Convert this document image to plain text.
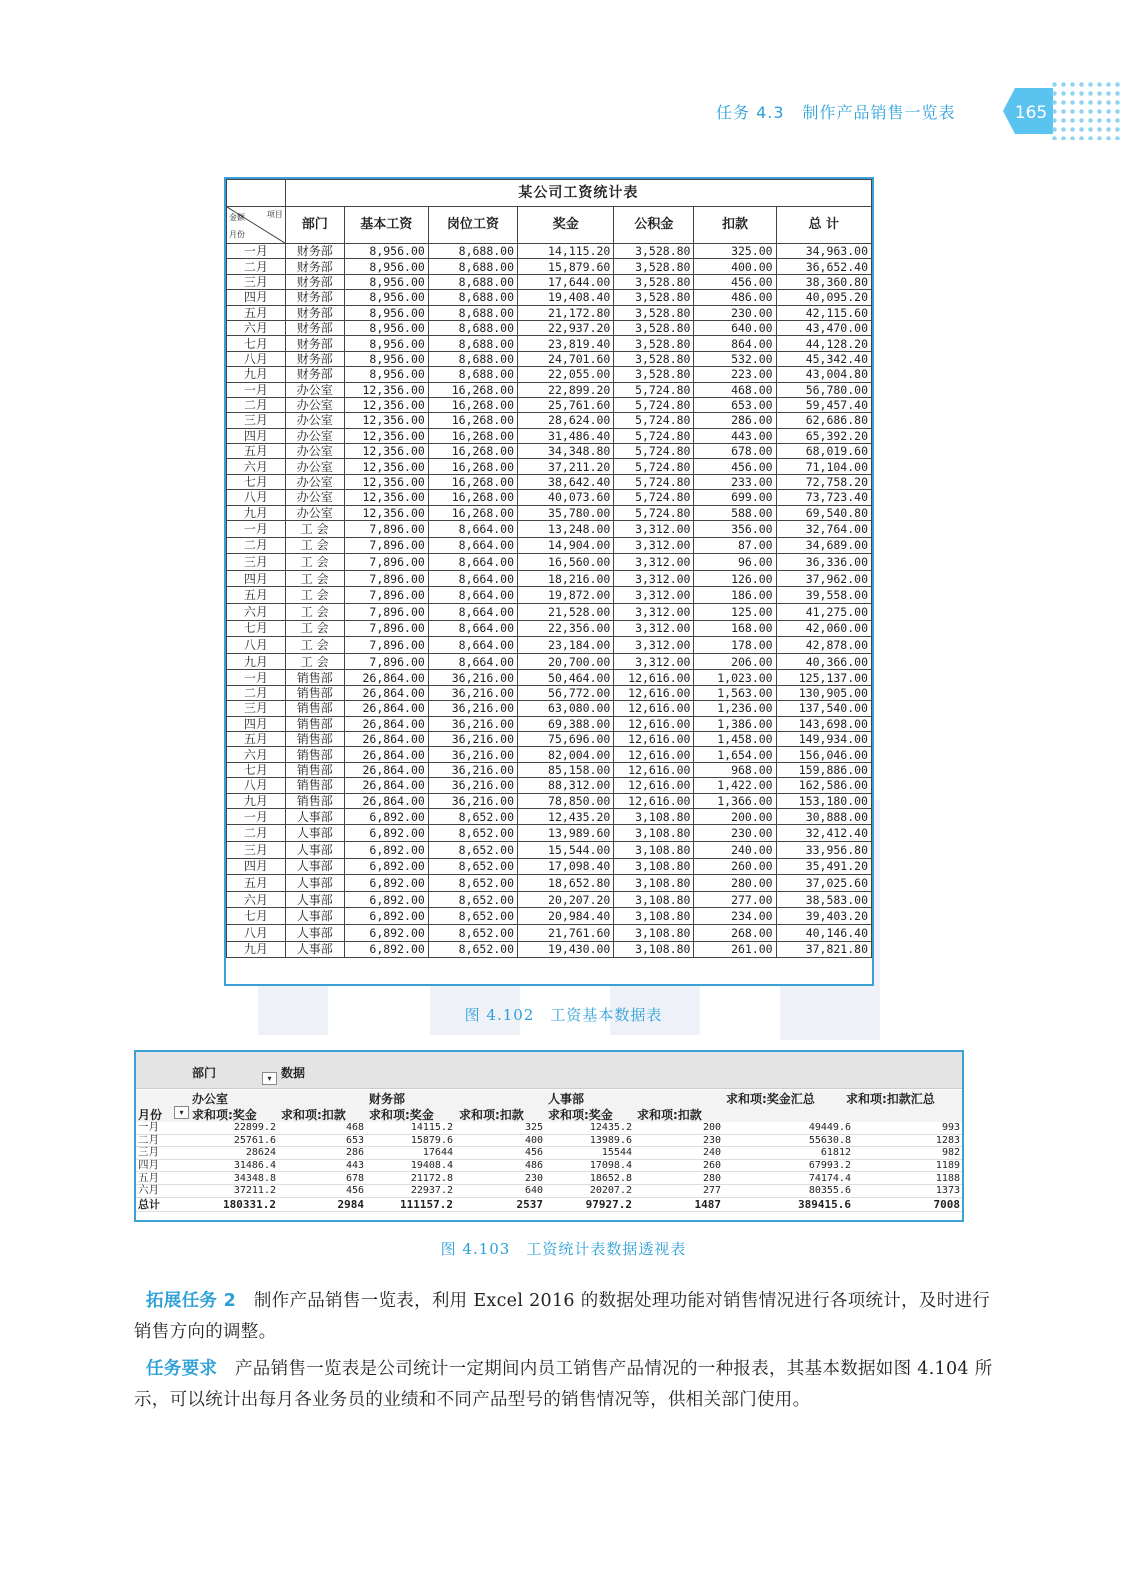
任务 4.3 制作产品销售一览表	165
	某公司工资统计表						

金额 项目
月份	部门	基本工资	岗位工资	奖金	公积金	扣款	总 计
一月	财务部	8,956.00	8,688.00	14,115.20	3,528.80	325.00	34,963.00
二月	财务部	8,956.00	8,688.00	15,879.60	3,528.80	400.00	36,652.40
三月	财务部	8,956.00	8,688.00	17,644.00	3,528.80	456.00	38,360.80
四月	财务部	8,956.00	8,688.00	19,408.40	3,528.80	486.00	40,095.20
五月	财务部	8,956.00	8,688.00	21,172.80	3,528.80	230.00	42,115.60
六月	财务部	8,956.00	8,688.00	22,937.20	3,528.80	640.00	43,470.00
七月	财务部	8,956.00	8,688.00	23,819.40	3,528.80	864.00	44,128.20
八月	财务部	8,956.00	8,688.00	24,701.60	3,528.80	532.00	45,342.40
九月	财务部	8,956.00	8,688.00	22,055.00	3,528.80	223.00	43,004.80
一月	办公室	12,356.00	16,268.00	22,899.20	5,724.80	468.00	56,780.00
二月	办公室	12,356.00	16,268.00	25,761.60	5,724.80	653.00	59,457.40
三月	办公室	12,356.00	16,268.00	28,624.00	5,724.80	286.00	62,686.80
四月	办公室	12,356.00	16,268.00	31,486.40	5,724.80	443.00	65,392.20
五月	办公室	12,356.00	16,268.00	34,348.80	5,724.80	678.00	68,019.60
六月	办公室	12,356.00	16,268.00	37,211.20	5,724.80	456.00	71,104.00
七月	办公室	12,356.00	16,268.00	38,642.40	5,724.80	233.00	72,758.20
八月	办公室	12,356.00	16,268.00	40,073.60	5,724.80	699.00	73,723.40
九月	办公室	12,356.00	16,268.00	35,780.00	5,724.80	588.00	69,540.80
一月	工 会	7,896.00	8,664.00	13,248.00	3,312.00	356.00	32,764.00
二月	工 会	7,896.00	8,664.00	14,904.00	3,312.00	87.00	34,689.00
三月	工 会	7,896.00	8,664.00	16,560.00	3,312.00	96.00	36,336.00
四月	工 会	7,896.00	8,664.00	18,216.00	3,312.00	126.00	37,962.00
五月	工 会	7,896.00	8,664.00	19,872.00	3,312.00	186.00	39,558.00
六月	工 会	7,896.00	8,664.00	21,528.00	3,312.00	125.00	41,275.00
七月	工 会	7,896.00	8,664.00	22,356.00	3,312.00	168.00	42,060.00
八月	工 会	7,896.00	8,664.00	23,184.00	3,312.00	178.00	42,878.00
九月	工 会	7,896.00	8,664.00	20,700.00	3,312.00	206.00	40,366.00
一月	销售部	26,864.00	36,216.00	50,464.00	12,616.00	1,023.00	125,137.00
二月	销售部	26,864.00	36,216.00	56,772.00	12,616.00	1,563.00	130,905.00
三月	销售部	26,864.00	36,216.00	63,080.00	12,616.00	1,236.00	137,540.00
四月	销售部	26,864.00	36,216.00	69,388.00	12,616.00	1,386.00	143,698.00
五月	销售部	26,864.00	36,216.00	75,696.00	12,616.00	1,458.00	149,934.00
六月	销售部	26,864.00	36,216.00	82,004.00	12,616.00	1,654.00	156,046.00
七月	销售部	26,864.00	36,216.00	85,158.00	12,616.00	968.00	159,886.00
八月	销售部	26,864.00	36,216.00	88,312.00	12,616.00	1,422.00	162,586.00
九月	销售部	26,864.00	36,216.00	78,850.00	12,616.00	1,366.00	153,180.00
一月	人事部	6,892.00	8,652.00	12,435.20	3,108.80	200.00	30,888.00
二月	人事部	6,892.00	8,652.00	13,989.60	3,108.80	230.00	32,412.40
三月	人事部	6,892.00	8,652.00	15,544.00	3,108.80	240.00	33,956.80
四月	人事部	6,892.00	8,652.00	17,098.40	3,108.80	260.00	35,491.20
五月	人事部	6,892.00	8,652.00	18,652.80	3,108.80	280.00	37,025.60
六月	人事部	6,892.00	8,652.00	20,207.20	3,108.80	277.00	38,583.00
七月	人事部	6,892.00	8,652.00	20,984.40	3,108.80	234.00	39,403.20
八月	人事部	6,892.00	8,652.00	21,761.60	3,108.80	268.00	40,146.40
九月	人事部	6,892.00	8,652.00	19,430.00	3,108.80	261.00	37,821.80
图 4.102　工资基本数据表
部门	▾ 数据
办公室	财务部	人事部	求和项:奖金汇总	求和项:扣款汇总
月份	▾ 求和项:奖金 求和项:扣款 求和项:奖金 求和项:扣款 求和项:奖金 求和项:扣款
一月	22899.2	468	14115.2	325	12435.2	200	49449.6	993
二月	25761.6	653	15879.6	400	13989.6	230	55630.8	1283
三月	28624	286	17644	456	15544	240	61812	982
四月	31486.4	443	19408.4	486	17098.4	260	67993.2	1189
五月	34348.8	678	21172.8	230	18652.8	280	74174.4	1188
六月	37211.2	456	22937.2	640	20207.2	277	80355.6	1373
总计	180331.2	2984	111157.2	2537	97927.2	1487	389415.6	7008
图 4.103　工资统计表数据透视表
拓展任务 2　制作产品销售一览表，利用 Excel 2016 的数据处理功能对销售情况进行各项统计，及时进行销售方向的调整。
任务要求　产品销售一览表是公司统计一定期间内员工销售产品情况的一种报表，其基本数据如图 4.104 所示，可以统计出每月各业务员的业绩和不同产品型号的销售情况等，供相关部门使用。
